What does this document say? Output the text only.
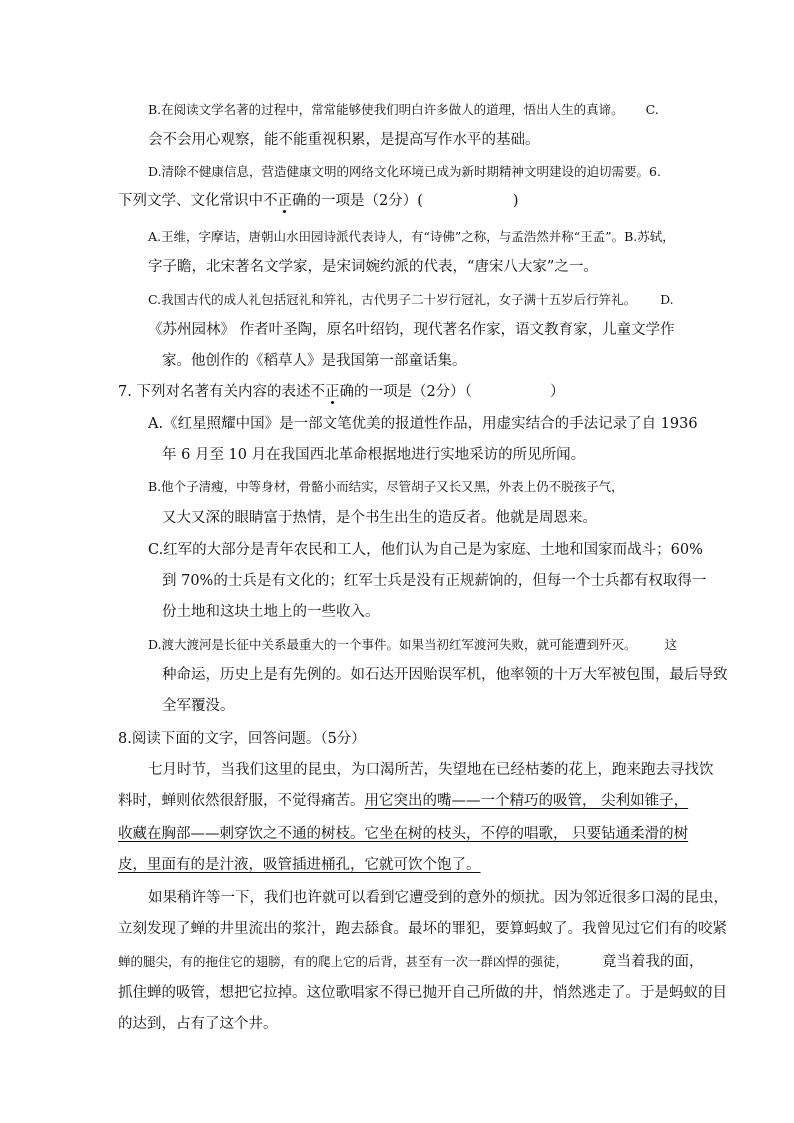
B.在阅读文学名著的过程中，常常能够使我们明白许多做人的道理，悟出人生的真谛。 C.
会不会用心观察，能不能重视积累，是提高写作水平的基础。
D.清除不健康信息，营造健康文明的网络文化环境已成为新时期精神文明建设的迫切需要。6.
下列文学、文化常识中不正确的一项是（2分）(	)
A.王维，字摩诘，唐朝山水田园诗派代表诗人，有“诗佛”之称，与孟浩然并称“王孟”。B.苏轼，
字子瞻，北宋著名文学家，是宋词婉约派的代表，“唐宋八大家”之一。
C.我国古代的成人礼包括冠礼和笄礼，古代男子二十岁行冠礼，女子满十五岁后行笄礼。 D.
《苏州园林》 作者叶圣陶，原名叶绍钧，现代著名作家，语文教育家，儿童文学作
家。他创作的《稻草人》是我国第一部童话集。
7. 下列对名著有关内容的表述不正确的一项是（2分）（	）
A.《红星照耀中国》是一部文笔优美的报道性作品，用虚实结合的手法记录了自 1936
年 6 月至 10 月在我国西北革命根据地进行实地采访的所见所闻。
B.他个子清瘦，中等身材，骨骼小而结实，尽管胡子又长又黑，外表上仍不脱孩子气，
又大又深的眼睛富于热情，是个书生出生的造反者。他就是周恩来。
C.红军的大部分是青年农民和工人，他们认为自己是为家庭、土地和国家而战斗；60%
到 70%的士兵是有文化的；红军士兵是没有正规薪饷的，但每一个士兵都有权取得一
份土地和这块土地上的一些收入。
D.渡大渡河是长征中关系最重大的一个事件。如果当初红军渡河失败，就可能遭到歼灭。 这
种命运，历史上是有先例的。如石达开因贻误军机，他率领的十万大军被包围，最后导致
全军覆没。
8.阅读下面的文字，回答问题。（5分）
七月时节，当我们这里的昆虫，为口渴所苦，失望地在已经枯萎的花上，跑来跑去寻找饮
料时，蝉则依然很舒服，不觉得痛苦。用它突出的嘴——一个精巧的吸管， 尖利如锥子，
收藏在胸部——刺穿饮之不通的树枝。它坐在树的枝头，不停的唱歌， 只要钻通柔滑的树
皮，里面有的是汁液，吸管插进桶孔，它就可饮个饱了。
如果稍许等一下，我们也许就可以看到它遭受到的意外的烦扰。因为邻近很多口渴的昆虫，
立刻发现了蝉的井里流出的浆汁，跑去舔食。最坏的罪犯，要算蚂蚁了。我曾见过它们有的咬紧
蝉的腿尖，有的拖住它的翅膀，有的爬上它的后背，甚至有一次一群凶悍的强徒， 竟当着我的面，
抓住蝉的吸管，想把它拉掉。这位歌唱家不得已抛开自己所做的井，悄然逃走了。于是蚂蚁的目
的达到，占有了这个井。
